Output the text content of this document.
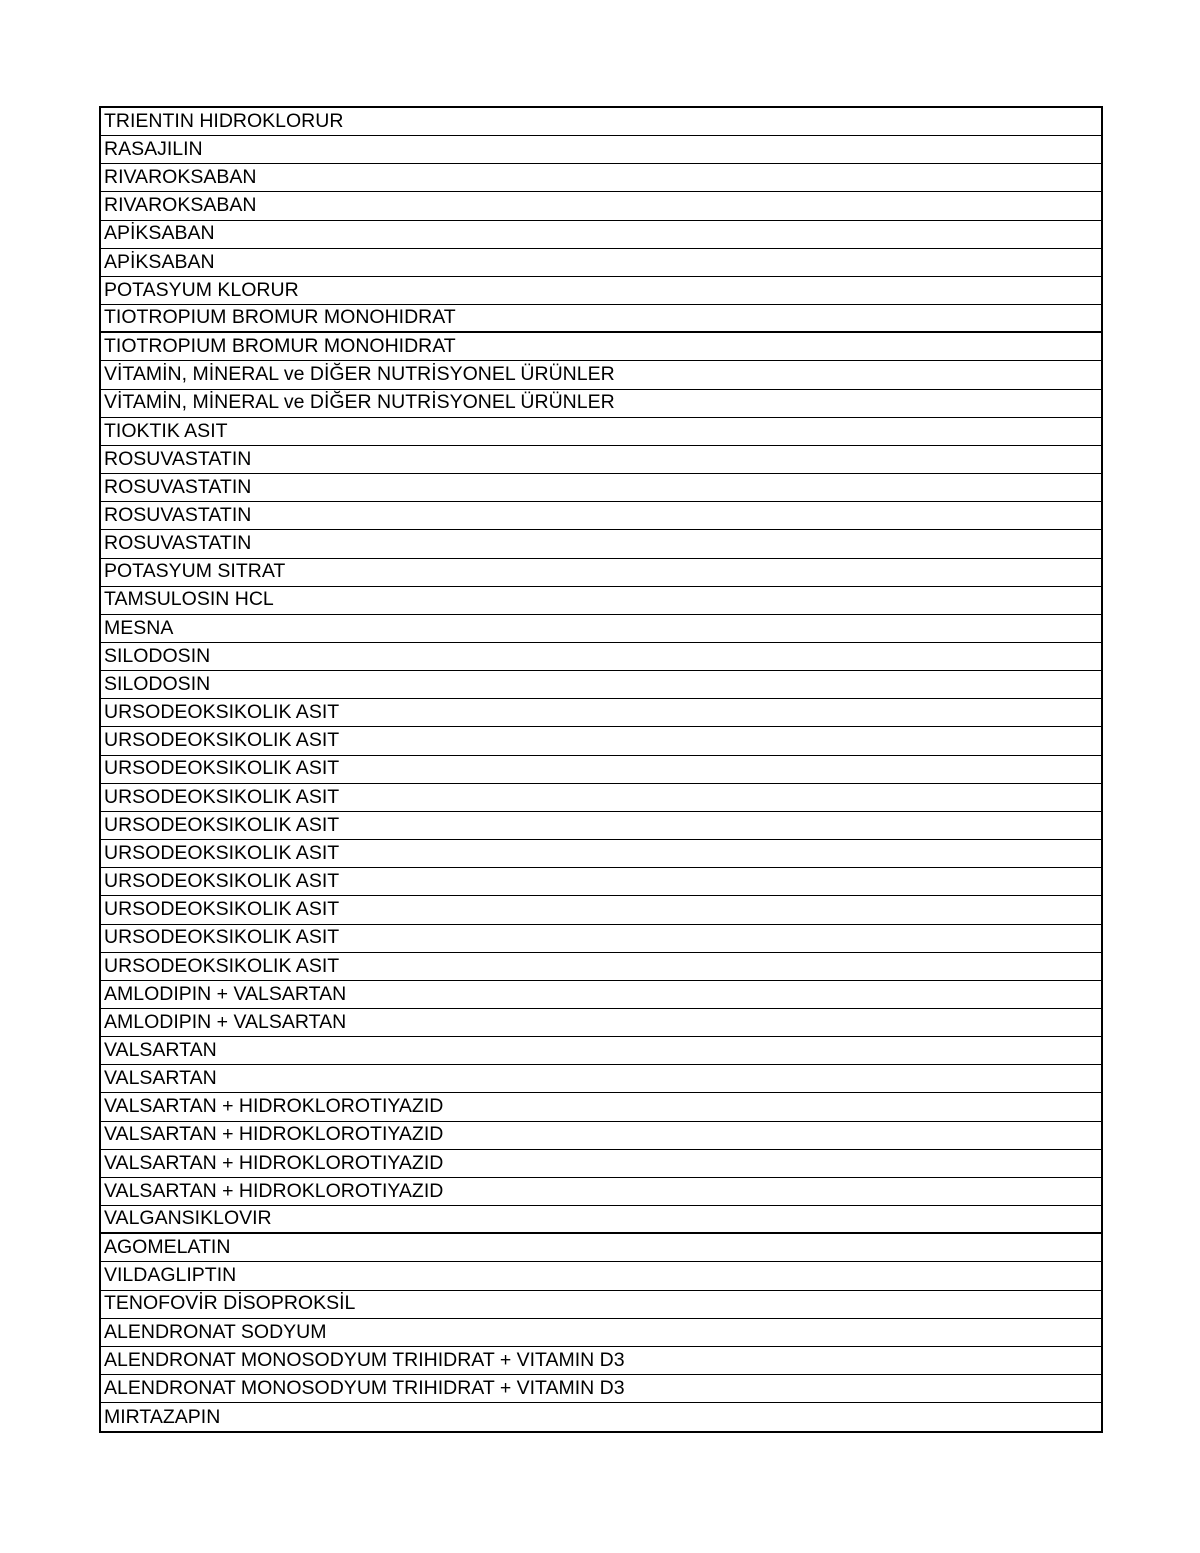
TRIENTIN HIDROKLORUR
RASAJILIN
RIVAROKSABAN
RIVAROKSABAN
APİKSABAN
APİKSABAN
POTASYUM KLORUR
TIOTROPIUM BROMUR MONOHIDRAT
TIOTROPIUM BROMUR MONOHIDRAT
VİTAMİN, MİNERAL ve DİĞER NUTRİSYONEL ÜRÜNLER
VİTAMİN, MİNERAL ve DİĞER NUTRİSYONEL ÜRÜNLER
TIOKTIK ASIT
ROSUVASTATIN
ROSUVASTATIN
ROSUVASTATIN
ROSUVASTATIN
POTASYUM SITRAT
TAMSULOSIN HCL
MESNA
SILODOSIN
SILODOSIN
URSODEOKSIKOLIK ASIT
URSODEOKSIKOLIK ASIT
URSODEOKSIKOLIK ASIT
URSODEOKSIKOLIK ASIT
URSODEOKSIKOLIK ASIT
URSODEOKSIKOLIK ASIT
URSODEOKSIKOLIK ASIT
URSODEOKSIKOLIK ASIT
URSODEOKSIKOLIK ASIT
URSODEOKSIKOLIK ASIT
AMLODIPIN + VALSARTAN
AMLODIPIN + VALSARTAN
VALSARTAN
VALSARTAN
VALSARTAN + HIDROKLOROTIYAZID
VALSARTAN + HIDROKLOROTIYAZID
VALSARTAN + HIDROKLOROTIYAZID
VALSARTAN + HIDROKLOROTIYAZID
VALGANSIKLOVIR
AGOMELATIN
VILDAGLIPTIN
TENOFOVİR DİSOPROKSİL
ALENDRONAT SODYUM
ALENDRONAT MONOSODYUM TRIHIDRAT + VITAMIN D3
ALENDRONAT MONOSODYUM TRIHIDRAT + VITAMIN D3
MIRTAZAPIN
